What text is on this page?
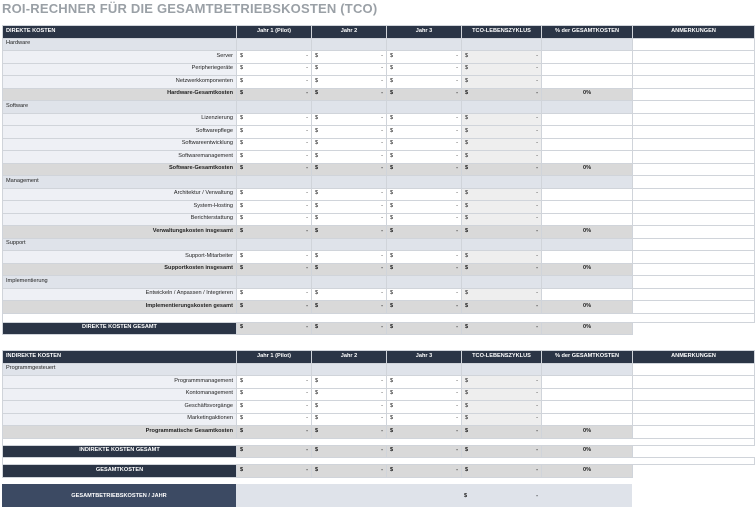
ROI-RECHNER FÜR DIE GESAMTBETRIEBSKOSTEN (TCO)
DIREKTE KOSTEN	Jahr 1 (Pilot)	Jahr 2	Jahr 3	TCO-LEBENSZYKLUS	% der GESAMTKOSTEN	ANMERKUNGEN
Hardware						
Server	$ -	$ -	$ -	$ -		

Peripheriegeräte	$ -	$ -	$ -	$ -		

Netzwerkkomponenten	$ -	$ -	$ -	$ -		

Hardware-Gesamtkosten	$ -	$ -	$ -	$ -	0%	
Software						
Lizenzierung	$ -	$ -	$ -	$ -		

Softwarepflege	$ -	$ -	$ -	$ -		

Softwareentwicklung	$ -	$ -	$ -	$ -		

Softwaremanagement	$ -	$ -	$ -	$ -		

Software-Gesamtkosten	$ -	$ -	$ -	$ -	0%	
Management						
Architektur / Verwaltung	$ -	$ -	$ -	$ -		

System-Hosting	$ -	$ -	$ -	$ -		

Berichterstattung	$ -	$ -	$ -	$ -		

Verwaltungskosten insgesamt	$ -	$ -	$ -	$ -	0%	
Support						
Support-Mitarbeiter	$ -	$ -	$ -	$ -		

Supportkosten insgesamt	$ -	$ -	$ -	$ -	0%	
Implementierung						
Entwickeln / Anpassen / Integrieren	$ -	$ -	$ -	$ -		

Implementierungskosten gesamt	$ -	$ -	$ -	$ -	0%	

DIREKTE KOSTEN GESAMT	$ -	$ -	$ -	$ -	0%	
INDIREKTE KOSTEN	Jahr 1 (Pilot)	Jahr 2	Jahr 3	TCO-LEBENSZYKLUS	% der GESAMTKOSTEN	ANMERKUNGEN
Programmgesteuert						
Programmmanagement	$ -	$ -	$ -	$ -		

Kontomanagement	$ -	$ -	$ -	$ -		

Geschäftsvorgänge	$ -	$ -	$ -	$ -		

Marketingaktionen	$ -	$ -	$ -	$ -		

Programmatische Gesamtkosten	$ -	$ -	$ -	$ -	0%	

INDIREKTE KOSTEN GESAMT	$ -	$ -	$ -	$ -	0%	

GESAMTKOSTEN	$ -	$ -	$ -	$ -	0%	
GESAMTBETRIEBSKOSTEN / JAHR		$	-
